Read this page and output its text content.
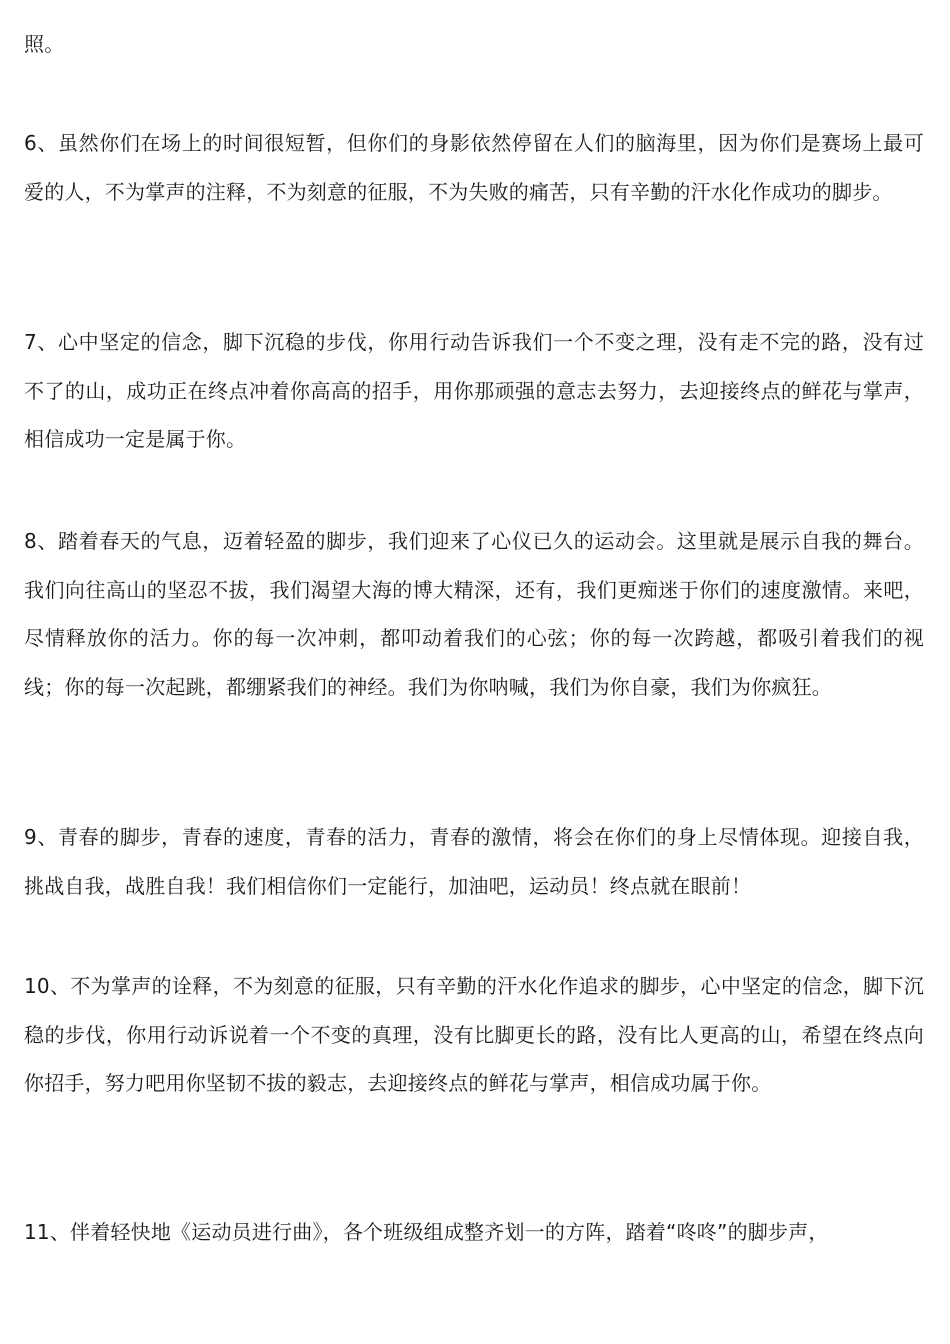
照。

6、虽然你们在场上的时间很短暂，但你们的身影依然停留在人们的脑海里，因为你们是赛场上最可爱的人，不为掌声的注释，不为刻意的征服，不为失败的痛苦，只有辛勤的汗水化作成功的脚步。

7、心中坚定的信念，脚下沉稳的步伐，你用行动告诉我们一个不变之理，没有走不完的路，没有过不了的山，成功正在终点冲着你高高的招手，用你那顽强的意志去努力，去迎接终点的鲜花与掌声，相信成功一定是属于你。

8、踏着春天的气息，迈着轻盈的脚步，我们迎来了心仪已久的运动会。这里就是展示自我的舞台。我们向往高山的坚忍不拔，我们渴望大海的博大精深，还有，我们更痴迷于你们的速度激情。来吧，尽情释放你的活力。你的每一次冲刺，都叩动着我们的心弦；你的每一次跨越，都吸引着我们的视线；你的每一次起跳，都绷紧我们的神经。我们为你呐喊，我们为你自豪，我们为你疯狂。

9、青春的脚步，青春的速度，青春的活力，青春的激情，将会在你们的身上尽情体现。迎接自我，挑战自我，战胜自我！我们相信你们一定能行，加油吧，运动员！终点就在眼前！

10、不为掌声的诠释，不为刻意的征服，只有辛勤的汗水化作追求的脚步，心中坚定的信念，脚下沉稳的步伐，你用行动诉说着一个不变的真理，没有比脚更长的路，没有比人更高的山，希望在终点向你招手，努力吧用你坚韧不拔的毅志，去迎接终点的鲜花与掌声，相信成功属于你。

11、伴着轻快地《运动员进行曲》，各个班级组成整齐划一的方阵，踏着“咚咚”的脚步声，
